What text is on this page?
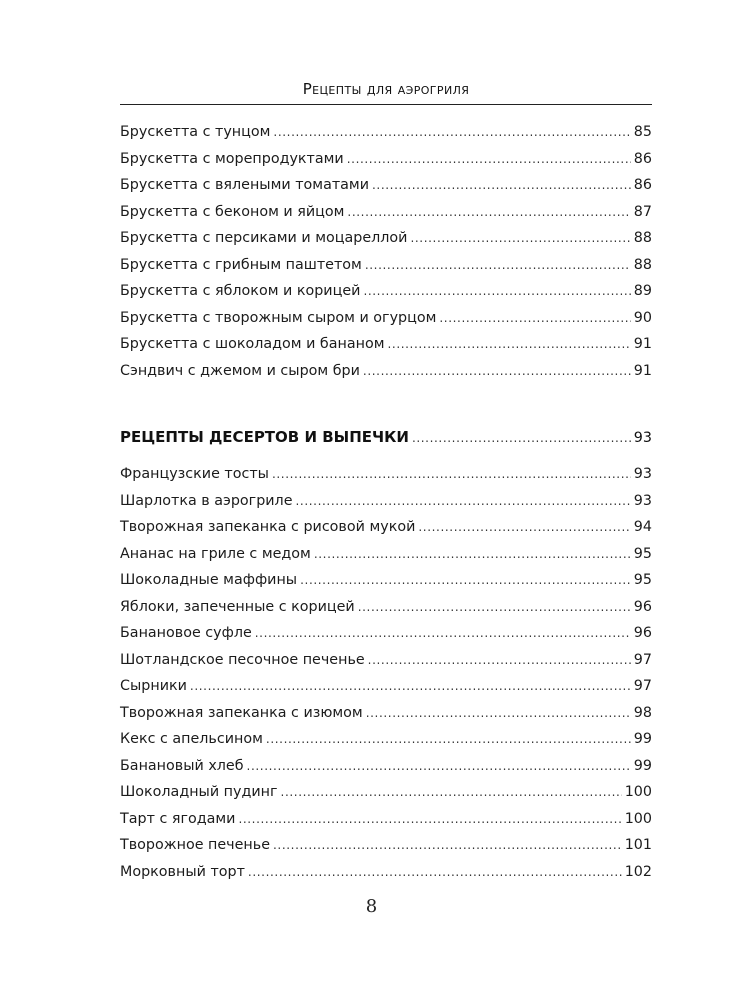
Рецепты для аэрогриля
Брускетта с тунцом .....	85
Брускетта с морепродуктами .....	86
Брускетта с вялеными томатами .....	86
Брускетта с беконом и яйцом .....	87
Брускетта с персиками и моцареллой .....	88
Брускетта с грибным паштетом .....	88
Брускетта с яблоком и корицей .....	89
Брускетта с творожным сыром и огурцом .....	90
Брускетта с шоколадом и бананом .....	91
Сэндвич с джемом и сыром бри .....	91
РЕЦЕПТЫ ДЕСЕРТОВ И ВЫПЕЧКИ .....	93
Французские тосты .....	93
Шарлотка в аэрогриле .....	93
Творожная запеканка с рисовой мукой .....	94
Ананас на гриле с медом .....	95
Шоколадные маффины .....	95
Яблоки, запеченные с корицей .....	96
Банановое суфле .....	96
Шотландское песочное печенье .....	97
Сырники .....	97
Творожная запеканка с изюмом .....	98
Кекс с апельсином .....	99
Банановый хлеб .....	99
Шоколадный пудинг .....	100
Тарт с ягодами .....	100
Творожное печенье .....	101
Морковный торт .....	102
8
